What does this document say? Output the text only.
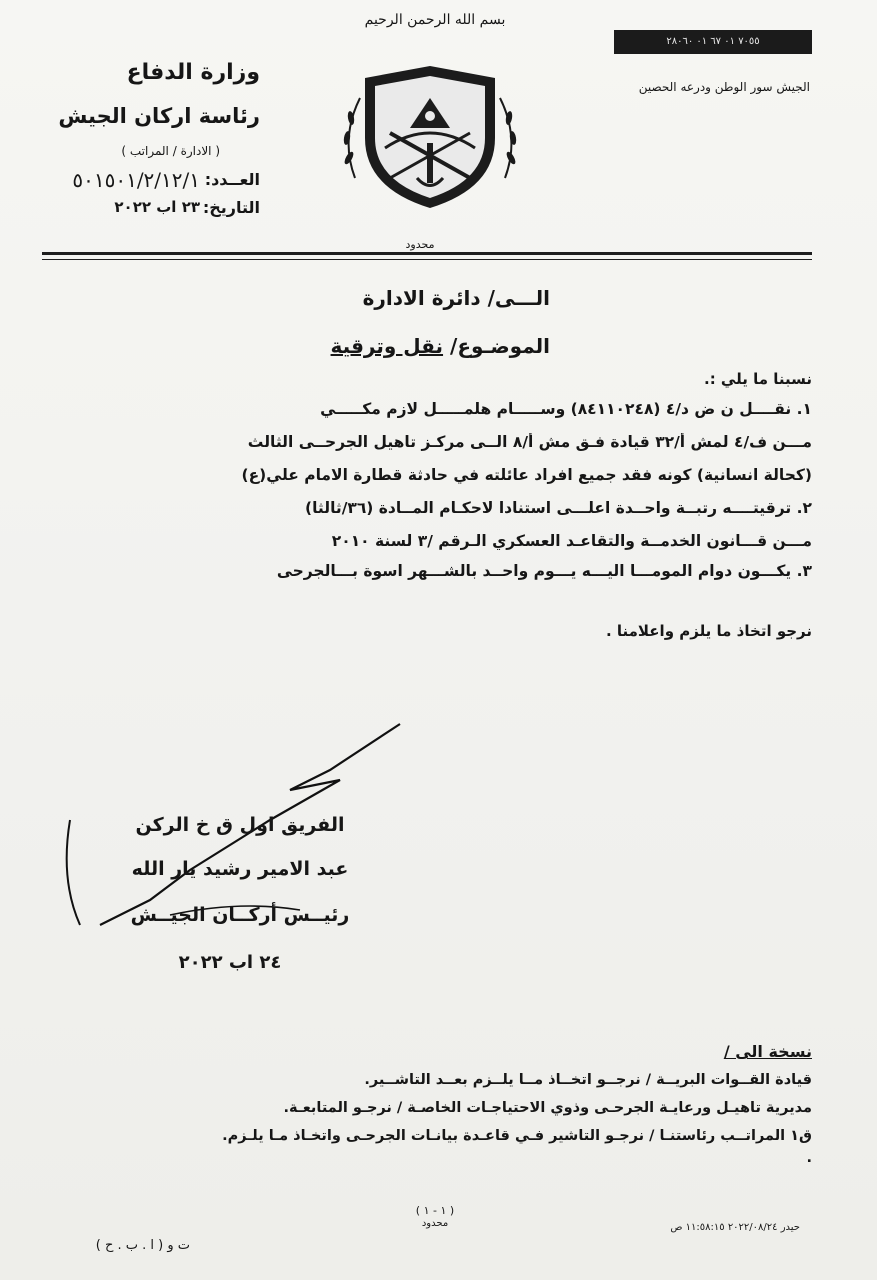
بسم الله الرحمن الرحيم
٧٠٥٥ ٠١ ٦٧ ٠١ ٢٨٠٦٠
الجيش سور الوطن ودرعه الحصين
وزارة الدفاع
رئاسة اركان الجيش
( الادارة / المراتب )
العــدد:
٥٠١٥٠١/٢/١٢/١
التاريخ:
٢٣ اب ٢٠٢٢
محدود
الـــى/ دائرة الادارة
الموضـوع/ نقل وترقية
نسبنا ما يلي :.
١. نقــــل ن ض د/٤ (٨٤١١٠٢٤٨) وســـــام هلمـــــل لازم مكـــــي
مـــن ف/٤ لمش أ/٣٢ قيادة فـق مش أ/٨ الــى مركـز تاهيل الجرحــى الثالث
(كحالة انسانية) كونه فقد جميع افراد عائلته في حادثة قطارة الامام علي(ع)
٢. ترقيتــــه رتبــة واحــدة اعلـــى استنادا لاحكـام المــادة (٣٦/ثالثا)
مـــن قـــانون الخدمــة والتقاعـد العسكري الـرقم /٣ لسنة ٢٠١٠
٣. يكـــون دوام المومـــا اليـــه يـــوم واحــد بالشـــهر اسوة بـــالجرحى
نرجو اتخاذ ما يلزم واعلامنا .
الفريق اول ق خ الركن
عبد الامير رشيد يار الله
رئيــس أركــان الجيــش
٢٤ اب ٢٠٢٢
نسخة الى /
قيادة القــوات البريــة / نرجــو اتخــاذ مــا يلــزم بعــد التاشــير.
مديرية تاهيـل ورعايـة الجرحـى وذوي الاحتياجـات الخاصـة / نرجـو المتابعـة.
ق١ المراتــب رئاستنـا / نرجـو التاشير فـي قاعـدة بيانـات الجرحـى واتخـاذ مـا يلـزم.
.
( ١ - ١ )
محدود	حيدر ٢٠٢٢/٠٨/٢٤ ١١:٥٨:١٥ ص
ت و ( ا . ب . ح )
